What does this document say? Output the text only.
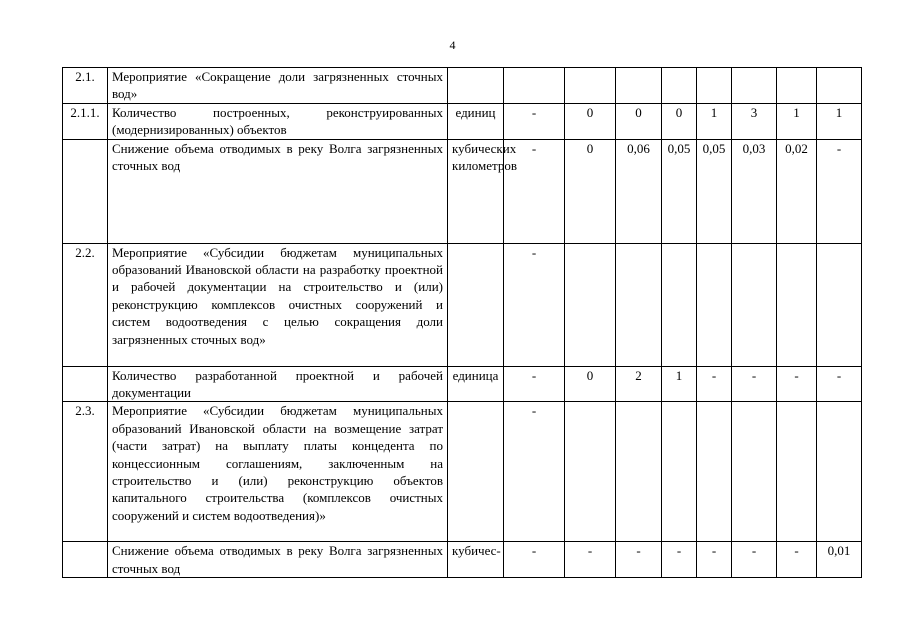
4
2.1.	Мероприятие «Сокращение доли загрязненных сточных вод»									
2.1.1.	Количество построенных, реконструированных (модернизированных) объектов	единиц	-	0	0	0	1	3	1	1
	Снижение объема отводимых в реку Волга загрязненных сточных вод	кубических километров	-	0	0,06	0,05	0,05	0,03	0,02	-
2.2.	Мероприятие «Субсидии бюджетам муниципальных образований Ивановской области на разработку проектной и рабочей документации на строительство и (или) реконструкцию комплексов очистных сооружений и систем водоотведения с целью сокращения доли загрязненных сточных вод»		-							
	Количество разработанной проектной и рабочей документации	единица	-	0	2	1	-	-	-	-
2.3.	Мероприятие «Субсидии бюджетам муниципальных образований Ивановской области на возмещение затрат (части затрат) на выплату платы концедента по концессионным соглашениям, заключенным на строительство и (или) реконструкцию объектов капитального строительства (комплексов очистных сооружений и систем водоотведения)»		-							
	Снижение объема отводимых в реку Волга загрязненных сточных вод	кубичес-	-	-	-	-	-	-	-	0,01
